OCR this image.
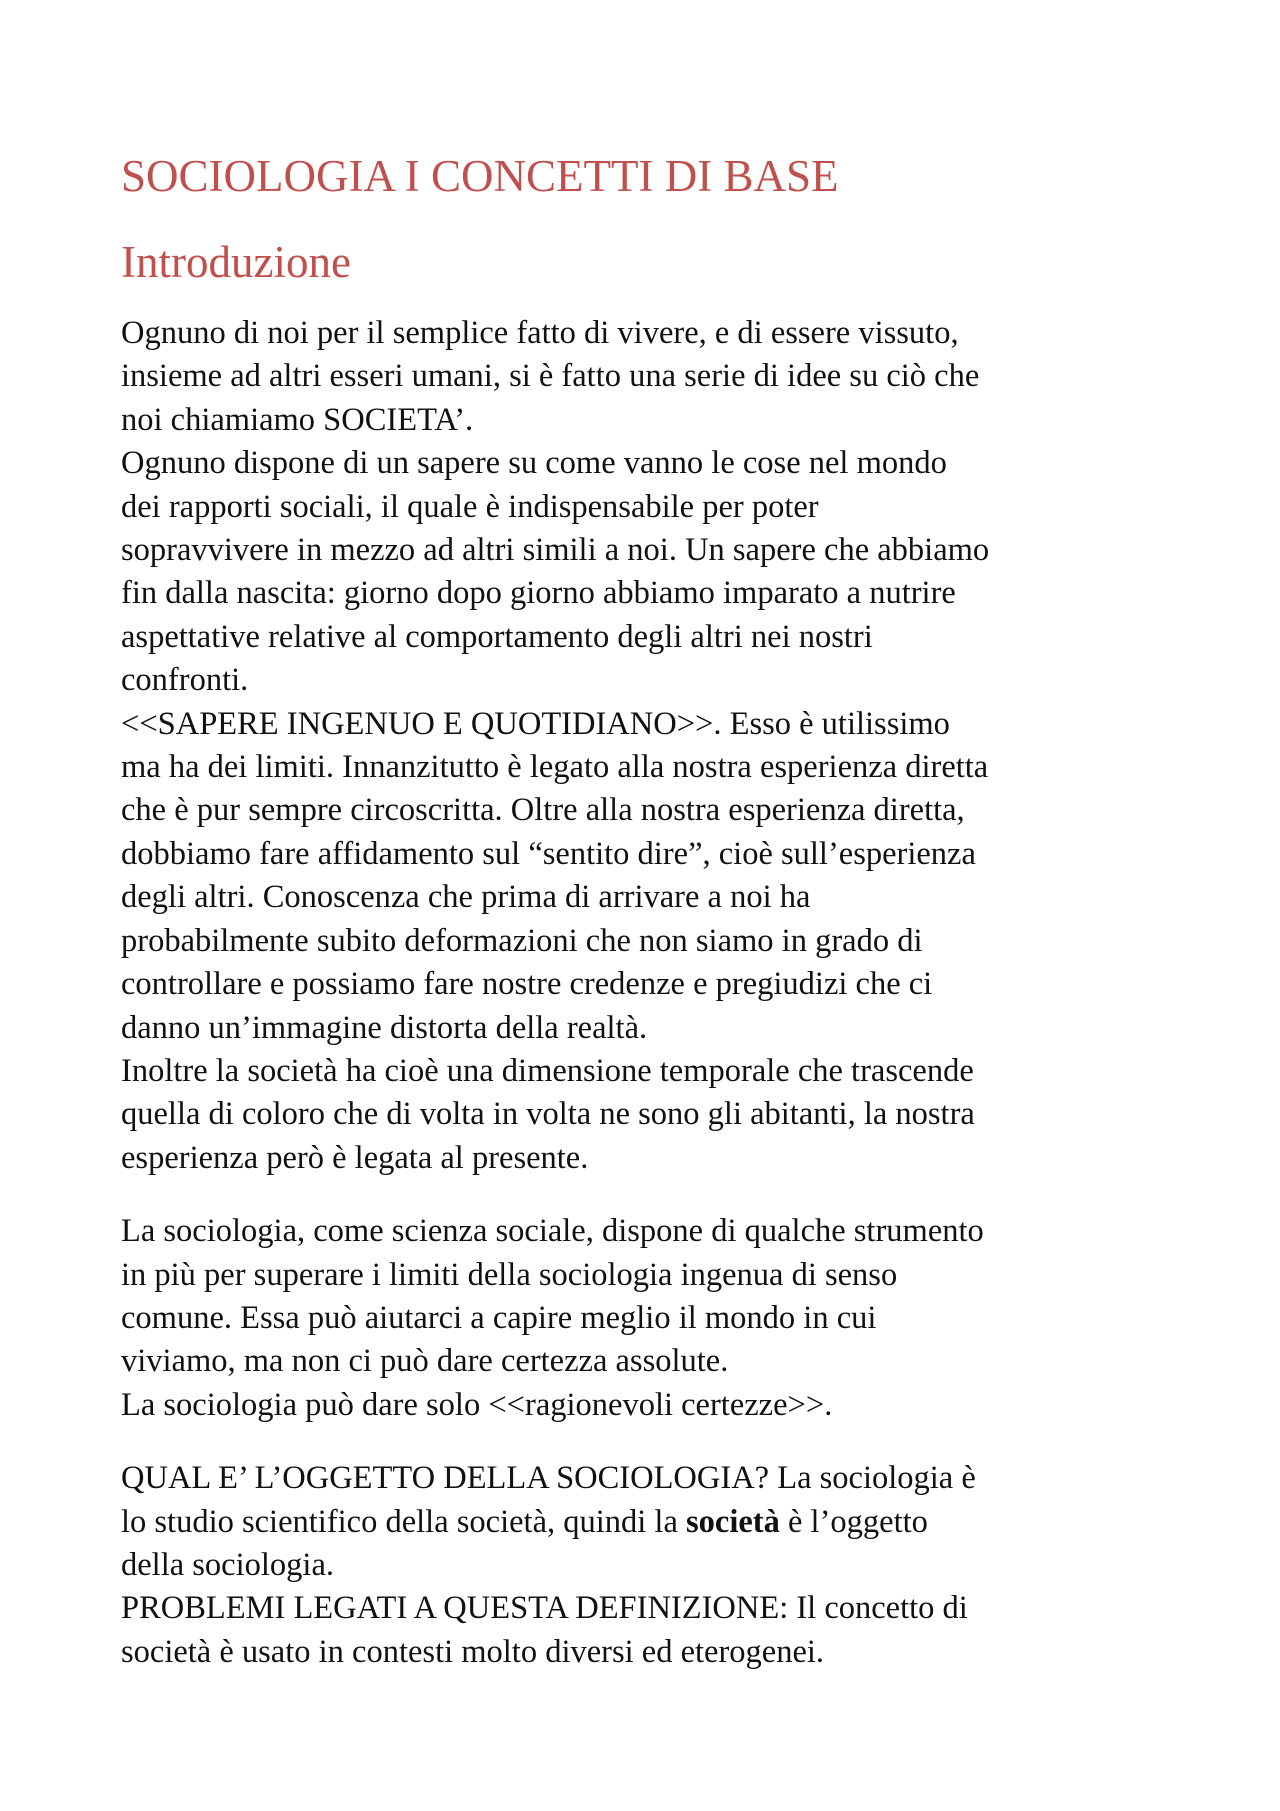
SOCIOLOGIA I CONCETTI DI BASE
Introduzione

Ognuno di noi per il semplice fatto di vivere, e di essere vissuto,
insieme ad altri esseri umani, si è fatto una serie di idee su ciò che
noi chiamiamo SOCIETA’.
Ognuno dispone di un sapere su come vanno le cose nel mondo
dei rapporti sociali, il quale è indispensabile per poter
sopravvivere in mezzo ad altri simili a noi. Un sapere che abbiamo
fin dalla nascita: giorno dopo giorno abbiamo imparato a nutrire
aspettative relative al comportamento degli altri nei nostri
confronti.
<<SAPERE INGENUO E QUOTIDIANO>>. Esso è utilissimo
ma ha dei limiti. Innanzitutto è legato alla nostra esperienza diretta
che è pur sempre circoscritta. Oltre alla nostra esperienza diretta,
dobbiamo fare affidamento sul “sentito dire”, cioè sull’esperienza
degli altri. Conoscenza che prima di arrivare a noi ha
probabilmente subito deformazioni che non siamo in grado di
controllare e possiamo fare nostre credenze e pregiudizi che ci
danno un’immagine distorta della realtà.
Inoltre la società ha cioè una dimensione temporale che trascende
quella di coloro che di volta in volta ne sono gli abitanti, la nostra
esperienza però è legata al presente.

La sociologia, come scienza sociale, dispone di qualche strumento
in più per superare i limiti della sociologia ingenua di senso
comune. Essa può aiutarci a capire meglio il mondo in cui
viviamo, ma non ci può dare certezza assolute.
La sociologia può dare solo <<ragionevoli certezze>>.

QUAL E’ L’OGGETTO DELLA SOCIOLOGIA? La sociologia è
lo studio scientifico della società, quindi la società è l’oggetto
della sociologia.
PROBLEMI LEGATI A QUESTA DEFINIZIONE: Il concetto di
società è usato in contesti molto diversi ed eterogenei.
